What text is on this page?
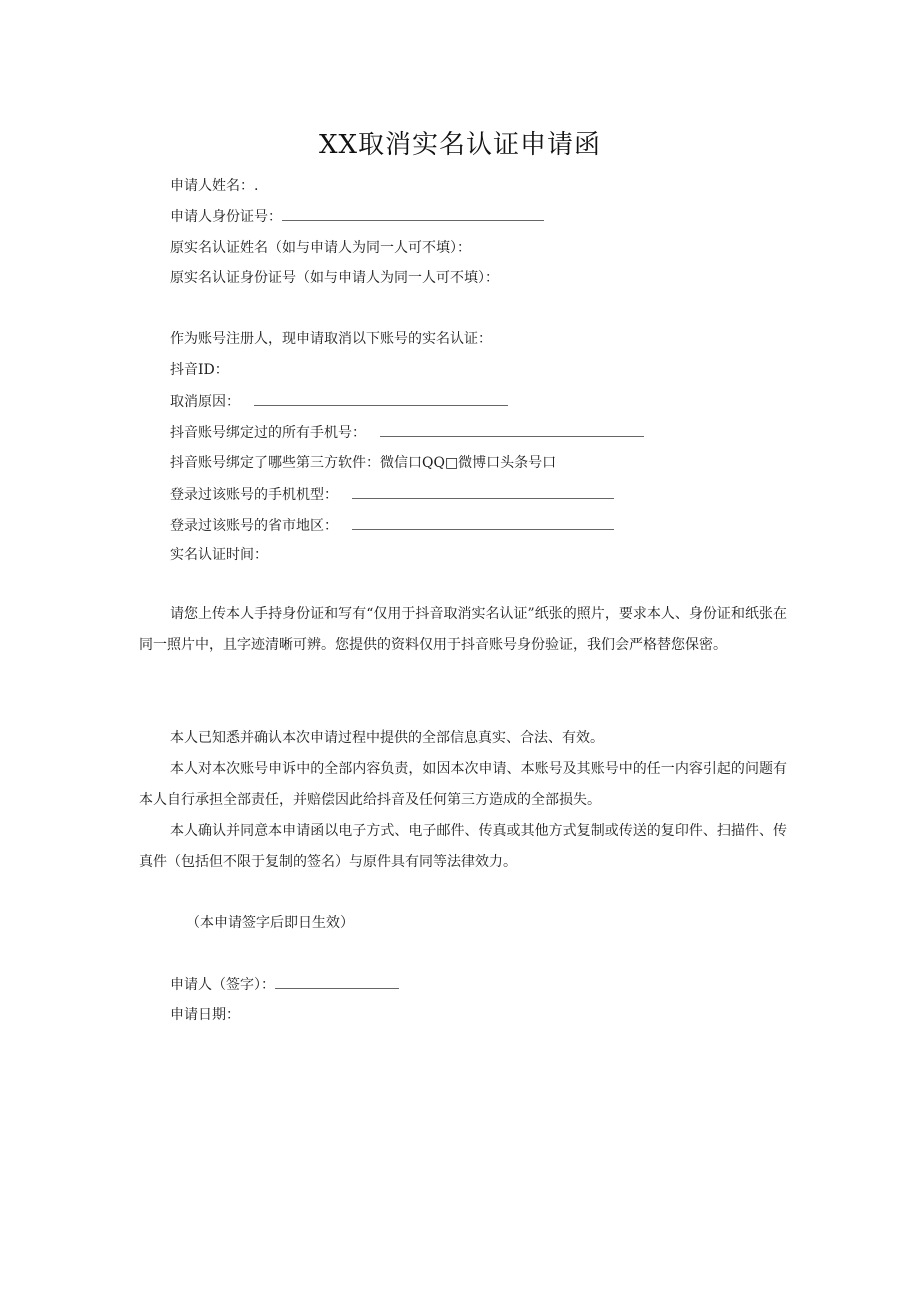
XX取消实名认证申请函
申请人姓名：.
申请人身份证号：
原实名认证姓名（如与申请人为同一人可不填）：
原实名认证身份证号（如与申请人为同一人可不填）：
作为账号注册人，现申请取消以下账号的实名认证：
抖音ID：
取消原因：
抖音账号绑定过的所有手机号：
抖音账号绑定了哪些第三方软件：微信口QQ□微博口头条号口
登录过该账号的手机机型：
登录过该账号的省市地区：
实名认证时间：
请您上传本人手持身份证和写有“仅用于抖音取消实名认证”纸张的照片，要求本人、身份证和纸张在同一照片中，且字迹清晰可辨。您提供的资料仅用于抖音账号身份验证，我们会严格替您保密。
本人已知悉并确认本次申请过程中提供的全部信息真实、合法、有效。
本人对本次账号申诉中的全部内容负责，如因本次申请、本账号及其账号中的任一内容引起的问题有本人自行承担全部责任，并赔偿因此给抖音及任何第三方造成的全部损失。
本人确认并同意本申请函以电子方式、电子邮件、传真或其他方式复制或传送的复印件、扫描件、传真件（包括但不限于复制的签名）与原件具有同等法律效力。
（本申请签字后即日生效）
申请人（签字）：
申请日期：
